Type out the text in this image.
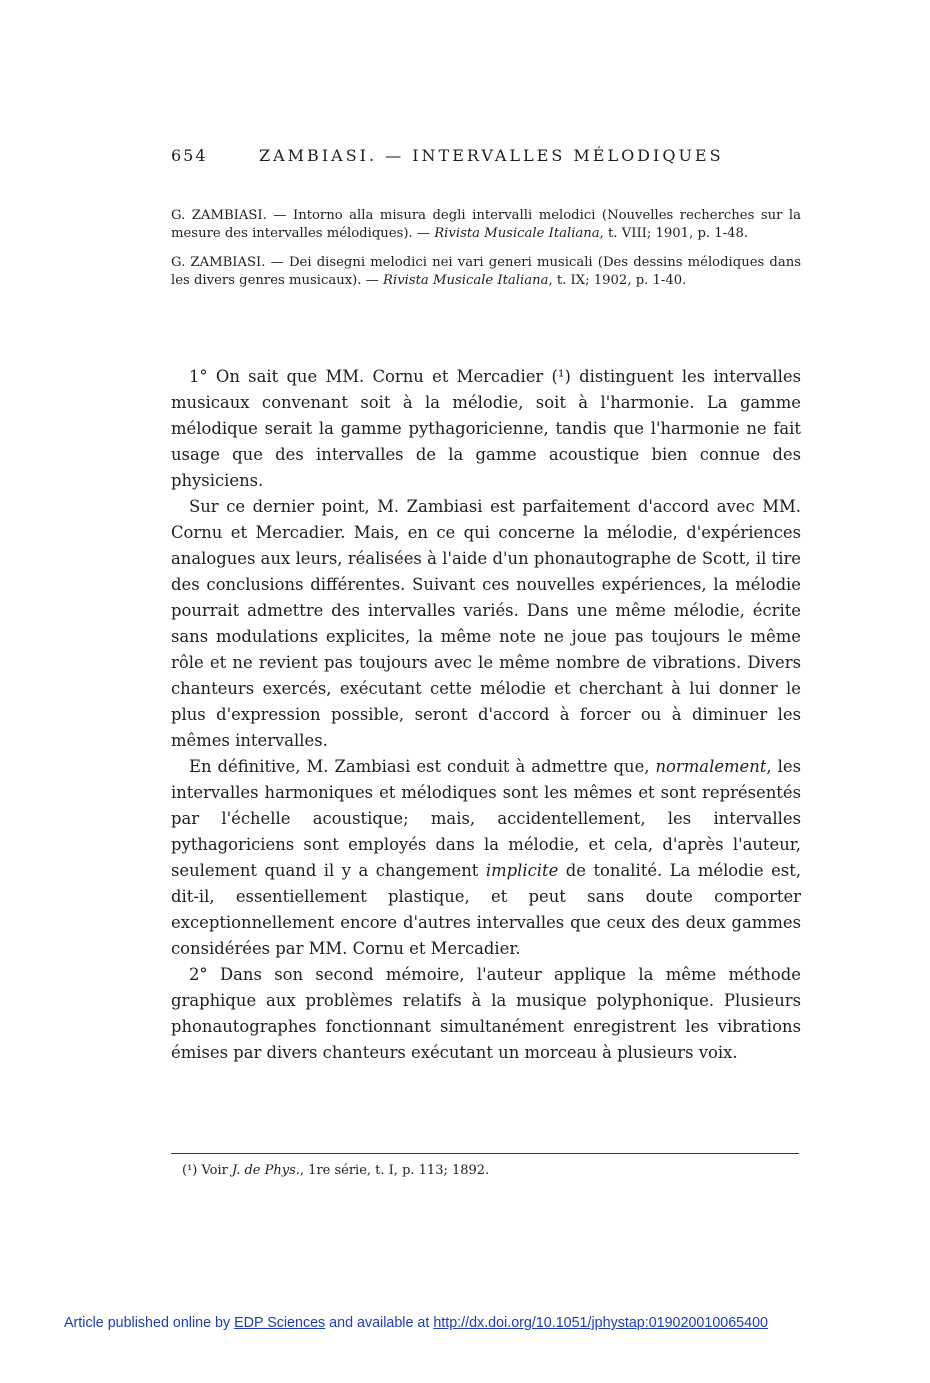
654	ZAMBIASI. — INTERVALLES MÉLODIQUES

G. ZAMBIASI. — Intorno alla misura degli intervalli melodici (Nouvelles recherches sur la mesure des intervalles mélodiques). — Rivista Musicale Italiana, t. VIII; 1901, p. 1-48.

G. ZAMBIASI. — Dei disegni melodici nei vari generi musicali (Des dessins mélodiques dans les divers genres musicaux). — Rivista Musicale Italiana, t. IX; 1902, p. 1-40.

1° On sait que MM. Cornu et Mercadier (¹) distinguent les intervalles musicaux convenant soit à la mélodie, soit à l'harmonie. La gamme mélodique serait la gamme pythagoricienne, tandis que l'harmonie ne fait usage que des intervalles de la gamme acoustique bien connue des physiciens.

Sur ce dernier point, M. Zambiasi est parfaitement d'accord avec MM. Cornu et Mercadier. Mais, en ce qui concerne la mélodie, d'expériences analogues aux leurs, réalisées à l'aide d'un phonautographe de Scott, il tire des conclusions différentes. Suivant ces nouvelles expériences, la mélodie pourrait admettre des intervalles variés. Dans une même mélodie, écrite sans modulations explicites, la même note ne joue pas toujours le même rôle et ne revient pas toujours avec le même nombre de vibrations. Divers chanteurs exercés, exécutant cette mélodie et cherchant à lui donner le plus d'expression possible, seront d'accord à forcer ou à diminuer les mêmes intervalles.

En définitive, M. Zambiasi est conduit à admettre que, normalement, les intervalles harmoniques et mélodiques sont les mêmes et sont représentés par l'échelle acoustique; mais, accidentellement, les intervalles pythagoriciens sont employés dans la mélodie, et cela, d'après l'auteur, seulement quand il y a changement implicite de tonalité. La mélodie est, dit-il, essentiellement plastique, et peut sans doute comporter exceptionnellement encore d'autres intervalles que ceux des deux gammes considérées par MM. Cornu et Mercadier.

2° Dans son second mémoire, l'auteur applique la même méthode graphique aux problèmes relatifs à la musique polyphonique. Plusieurs phonautographes fonctionnant simultanément enregistrent les vibrations émises par divers chanteurs exécutant un morceau à plusieurs voix.

(¹) Voir J. de Phys., 1re série, t. I, p. 113; 1892.
Article published online by EDP Sciences and available at http://dx.doi.org/10.1051/jphystap:019020010065400
